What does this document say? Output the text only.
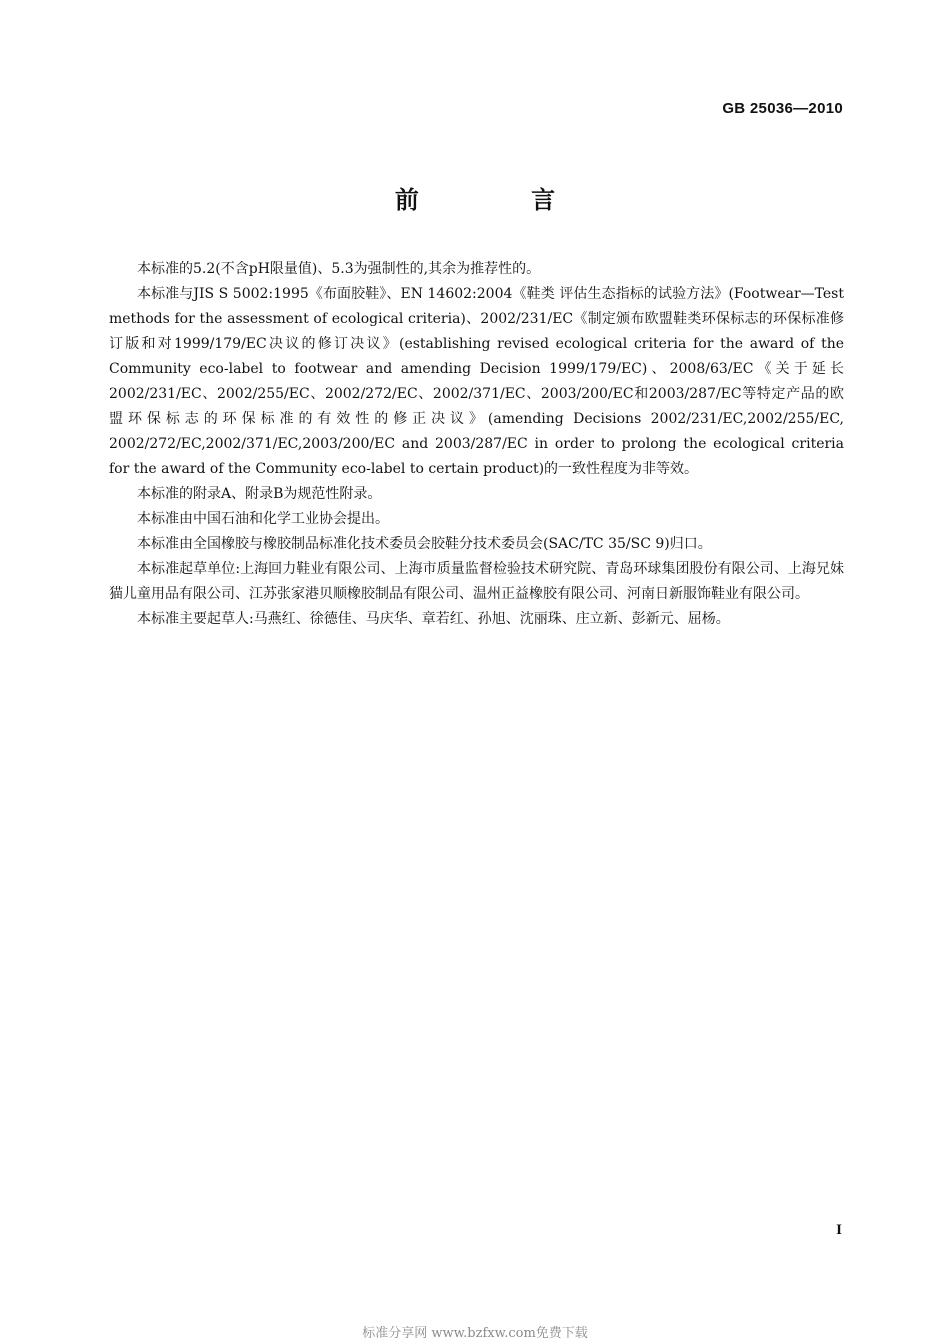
GB 25036—2010
前 言

本标准的5.2(不含pH限量值)、5.3为强制性的,其余为推荐性的。

本标准与JIS S 5002:1995《布面胶鞋》、EN 14602:2004《鞋类 评估生态指标的试验方法》(Footwear—Test methods for the assessment of ecological criteria)、2002/231/EC《制定颁布欧盟鞋类环保标志的环保标准修订版和对1999/179/EC决议的修订决议》(establishing revised ecological criteria for the award of the Community eco-label to footwear and amending Decision 1999/179/EC)、2008/63/EC《关于延长2002/231/EC、2002/255/EC、2002/272/EC、2002/371/EC、2003/200/EC和2003/287/EC等特定产品的欧盟环保标志的环保标准的有效性的修正决议》(amending Decisions 2002/231/EC,2002/255/EC, 2002/272/EC,2002/371/EC,2003/200/EC and 2003/287/EC in order to prolong the ecological criteria for the award of the Community eco-label to certain product)的一致性程度为非等效。

本标准的附录A、附录B为规范性附录。

本标准由中国石油和化学工业协会提出。

本标准由全国橡胶与橡胶制品标准化技术委员会胶鞋分技术委员会(SAC/TC 35/SC 9)归口。

本标准起草单位:上海回力鞋业有限公司、上海市质量监督检验技术研究院、青岛环球集团股份有限公司、上海兄妹猫儿童用品有限公司、江苏张家港贝顺橡胶制品有限公司、温州正益橡胶有限公司、河南日新服饰鞋业有限公司。

本标准主要起草人:马燕红、徐德佳、马庆华、章若红、孙旭、沈丽珠、庄立新、彭新元、屈杨。

I
标准分享网 www.bzfxw.com免费下载
